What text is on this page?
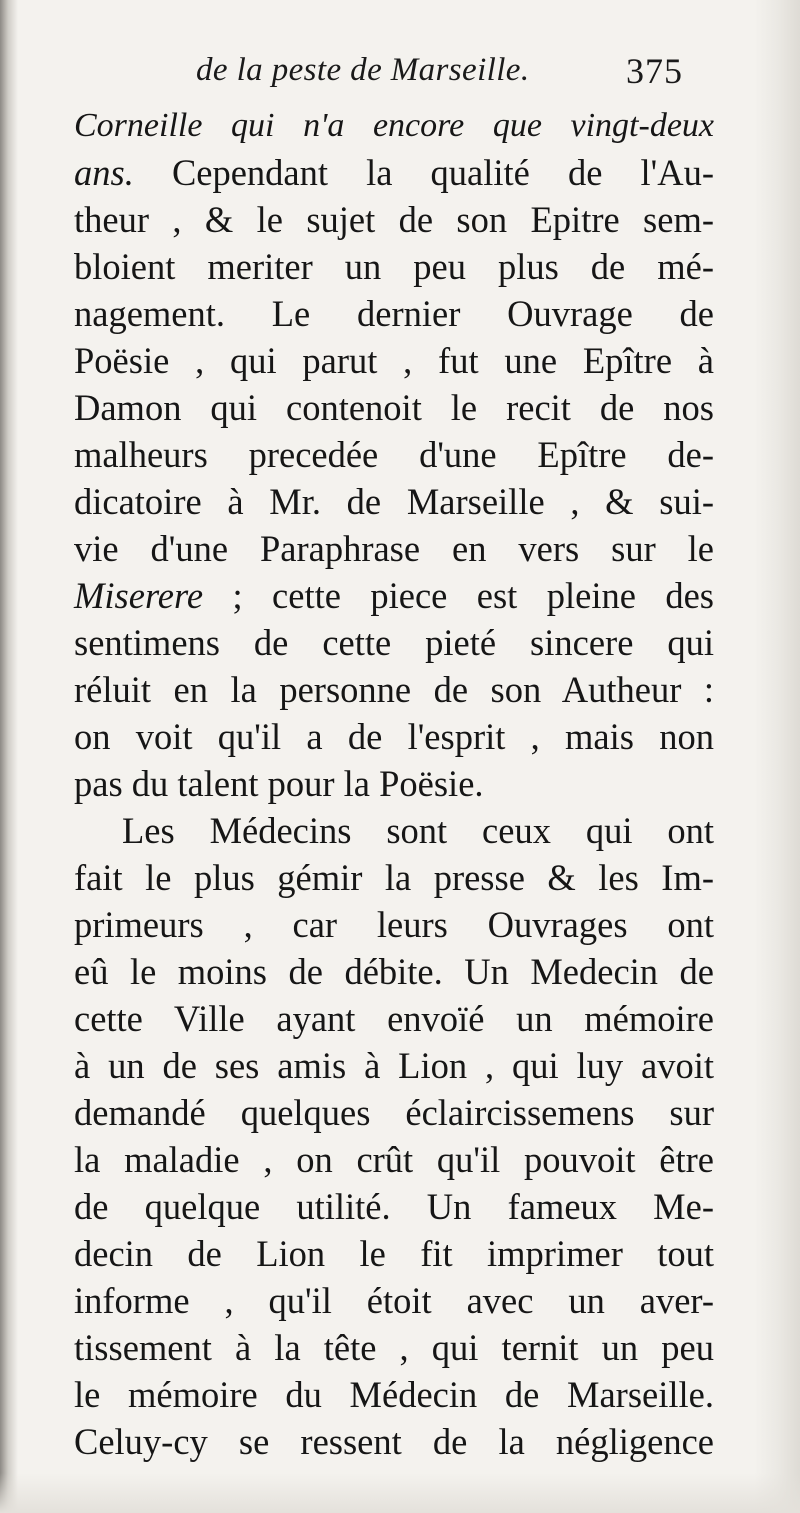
de la peste de Marseille.	375
Corneille qui n'a encore que vingt-deux
ans. Cependant la qualité de l'Au-
theur , & le sujet de son Epitre sem-
bloient meriter un peu plus de mé-
nagement. Le dernier Ouvrage de
Poësie , qui parut , fut une Epître à
Damon qui contenoit le recit de nos
malheurs precedée d'une Epître de-
dicatoire à Mr. de Marseille , & sui-
vie d'une Paraphrase en vers sur le
Miserere ; cette piece est pleine des
sentimens de cette pieté sincere qui
réluit en la personne de son Autheur :
on voit qu'il a de l'esprit , mais non
pas du talent pour la Poësie.
Les Médecins sont ceux qui ont
fait le plus gémir la presse & les Im-
primeurs , car leurs Ouvrages ont
eû le moins de débite. Un Medecin de
cette Ville ayant envoïé un mémoire
à un de ses amis à Lion , qui luy avoit
demandé quelques éclaircissemens sur
la maladie , on crût qu'il pouvoit être
de quelque utilité. Un fameux Me-
decin de Lion le fit imprimer tout
informe , qu'il étoit avec un aver-
tissement à la tête , qui ternit un peu
le mémoire du Médecin de Marseille.
Celuy-cy se ressent de la négligence
